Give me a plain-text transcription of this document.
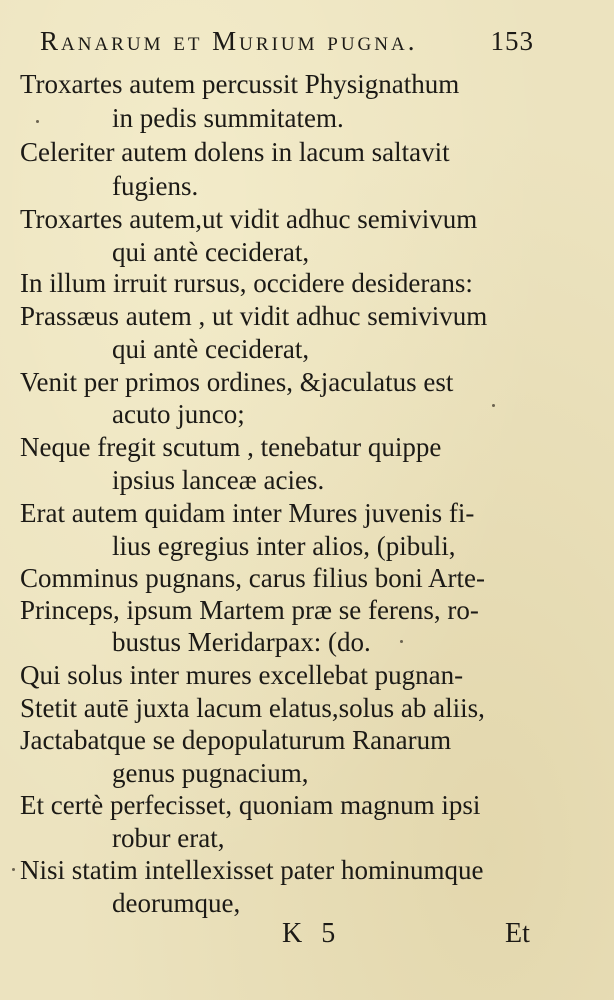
Ranarum et Murium pugna.	153
Troxartes autem percussit Physignathum
in pedis summitatem.
Celeriter autem dolens in lacum saltavit
fugiens.
Troxartes autem,ut vidit adhuc semivivum
qui antè ceciderat,
In illum irruit rursus, occidere desiderans:
Prassæus autem , ut vidit adhuc semivivum
qui antè ceciderat,
Venit per primos ordines, &jaculatus est
acuto junco;
Neque fregit scutum , tenebatur quippe
ipsius lanceæ acies.
Erat autem quidam inter Mures juvenis fi-
lius egregius inter alios, (pibuli,
Comminus pugnans, carus filius boni Arte-
Princeps, ipsum Martem præ se ferens, ro-
bustus Meridarpax: (do.
Qui solus inter mures excellebat pugnan-
Stetit autē juxta lacum elatus,solus ab aliis,
Jactabatque se depopulaturum Ranarum
genus pugnacium,
Et certè perfecisset, quoniam magnum ipsi
robur erat,
Nisi statim intellexisset pater hominumque
deorumque,
K 5	Et
